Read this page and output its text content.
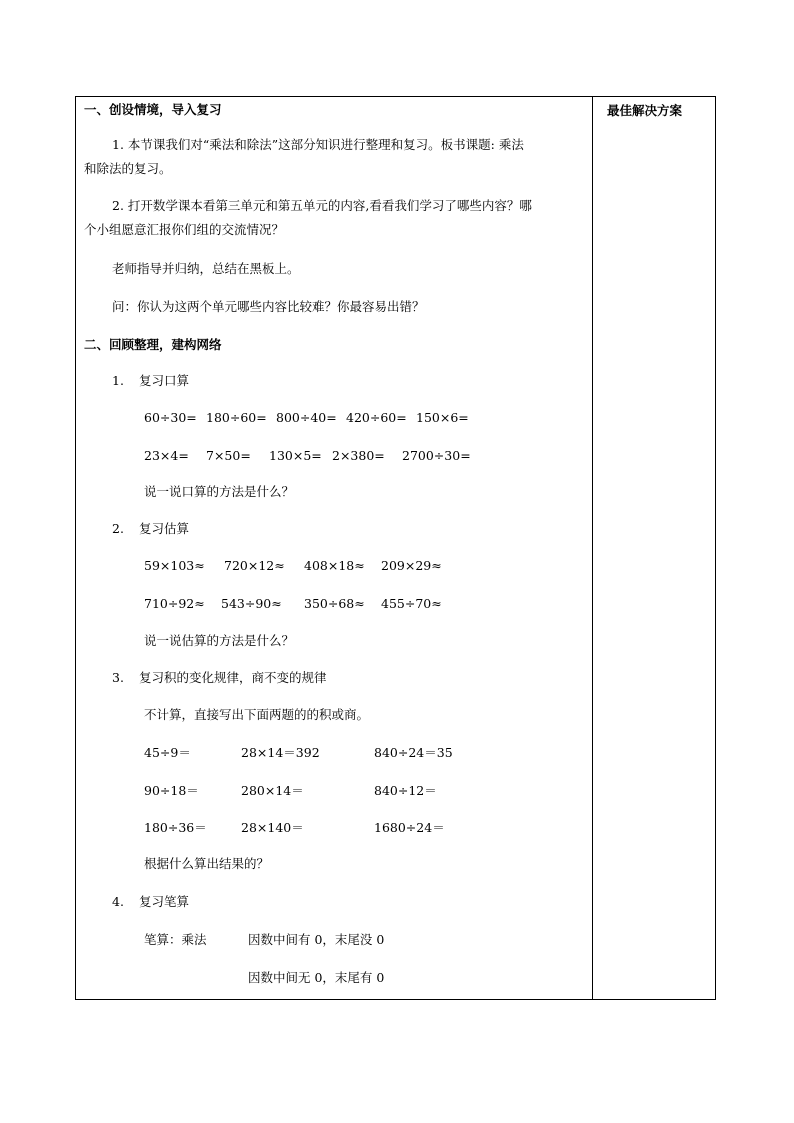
最佳解决方案
一、创设情境，导入复习
1. 本节课我们对“乘法和除法”这部分知识进行整理和复习。板书课题: 乘法
和除法的复习。
2. 打开数学课本看第三单元和第五单元的内容,看看我们学习了哪些内容？哪
个小组愿意汇报你们组的交流情况？
老师指导并归纳，总结在黑板上。
问：你认为这两个单元哪些内容比较难？你最容易出错？
二、回顾整理，建构网络
1. 复习口算
60÷30= 180÷60= 800÷40= 420÷60= 150×6=
23×4= 7×50= 130×5= 2×380= 2700÷30=
说一说口算的方法是什么？
2. 复习估算
59×103≈ 720×12≈ 408×18≈ 209×29≈
710÷92≈ 543÷90≈ 350÷68≈ 455÷70≈
说一说估算的方法是什么？
3. 复习积的变化规律，商不变的规律
不计算，直接写出下面两题的的积或商。
45÷9＝	28×14＝392	840÷24＝35
90÷18＝	280×14＝	840÷12＝
180÷36＝	28×140＝	1680÷24＝
根据什么算出结果的？
4. 复习笔算
笔算：乘法	因数中间有 0，末尾没 0
因数中间无 0，末尾有 0
